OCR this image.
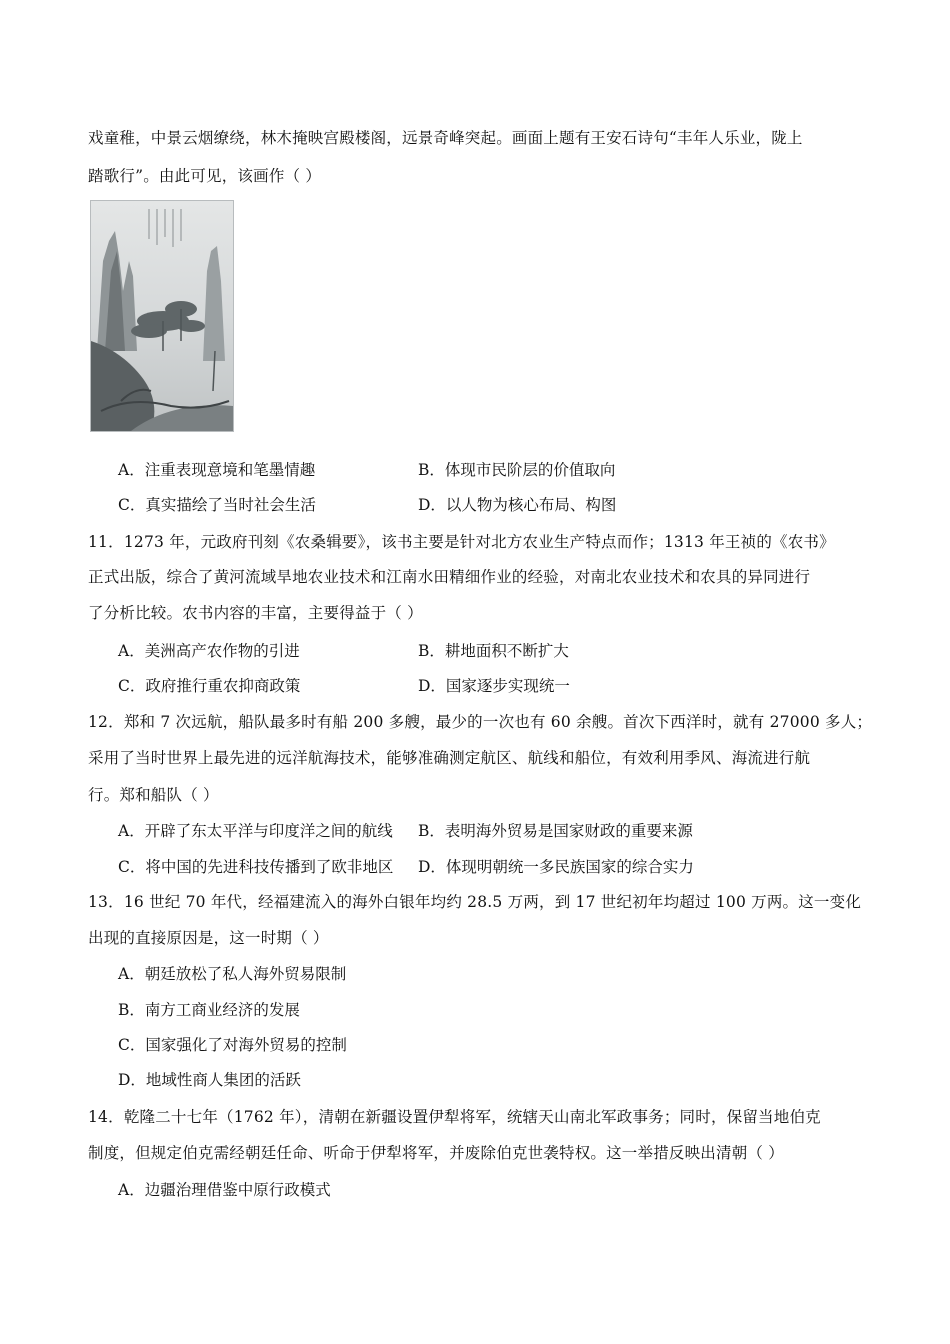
戏童稚，中景云烟缭绕，林木掩映宫殿楼阁，远景奇峰突起。画面上题有王安石诗句“丰年人乐业，陇上
踏歌行”。由此可见，该画作（ ）
A．注重表现意境和笔墨情趣	B．体现市民阶层的价值取向
C．真实描绘了当时社会生活	D．以人物为核心布局、构图
11．1273 年，元政府刊刻《农桑辑要》，该书主要是针对北方农业生产特点而作；1313 年王祯的《农书》
正式出版，综合了黄河流域旱地农业技术和江南水田精细作业的经验，对南北农业技术和农具的异同进行
了分析比较。农书内容的丰富，主要得益于（ ）
A．美洲高产农作物的引进	B．耕地面积不断扩大
C．政府推行重农抑商政策	D．国家逐步实现统一
12．郑和 7 次远航，船队最多时有船 200 多艘，最少的一次也有 60 余艘。首次下西洋时，就有 27000 多人；
采用了当时世界上最先进的远洋航海技术，能够准确测定航区、航线和船位，有效利用季风、海流进行航
行。郑和船队（ ）
A．开辟了东太平洋与印度洋之间的航线 B．表明海外贸易是国家财政的重要来源
C．将中国的先进科技传播到了欧非地区 D．体现明朝统一多民族国家的综合实力
13．16 世纪 70 年代，经福建流入的海外白银年均约 28.5 万两，到 17 世纪初年均超过 100 万两。这一变化
出现的直接原因是，这一时期（ ）
A．朝廷放松了私人海外贸易限制
B．南方工商业经济的发展
C．国家强化了对海外贸易的控制
D．地域性商人集团的活跃
14．乾隆二十七年（1762 年），清朝在新疆设置伊犁将军，统辖天山南北军政事务；同时，保留当地伯克
制度，但规定伯克需经朝廷任命、听命于伊犁将军，并废除伯克世袭特权。这一举措反映出清朝（ ）
A．边疆治理借鉴中原行政模式
